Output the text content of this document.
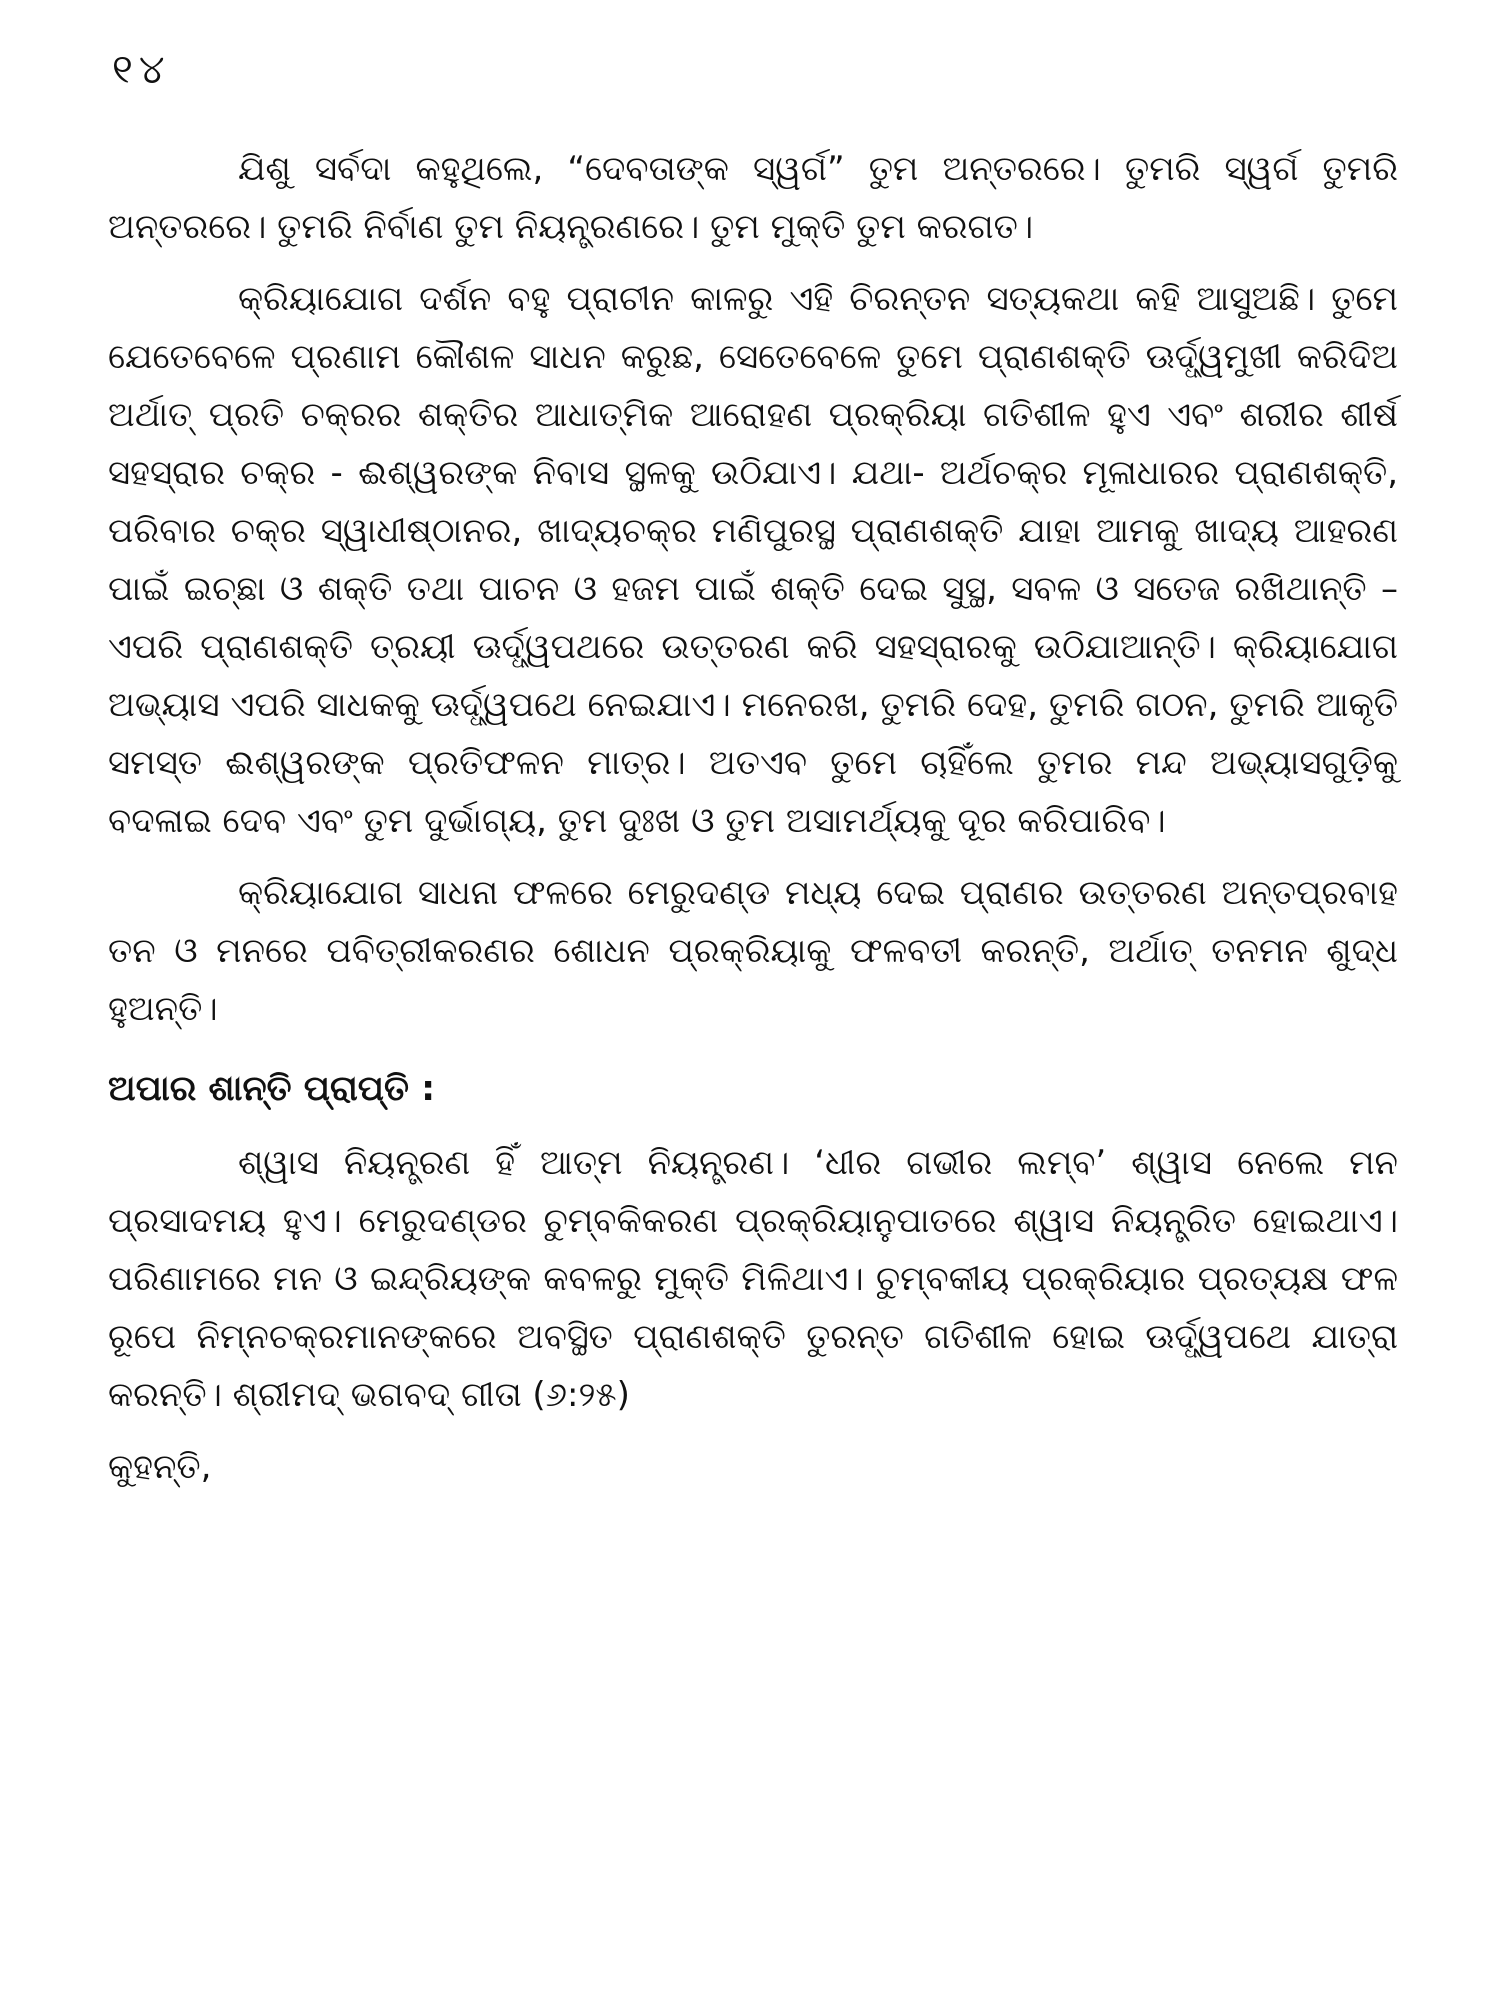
୧୪

ଯିଶୁ ସର୍ବଦା କହୁଥିଲେ, “ଦେବତାଙ୍କ ସ୍ୱର୍ଗ” ତୁମ ଅନ୍ତରରେ। ତୁମରି ସ୍ୱର୍ଗ ତୁମରି ଅନ୍ତରରେ। ତୁମରି ନିର୍ବାଣ ତୁମ ନିୟନ୍ତ୍ରଣରେ। ତୁମ ମୁକ୍ତି ତୁମ କରଗତ।

କ୍ରିୟାଯୋଗ ଦର୍ଶନ ବହୁ ପ୍ରାଚୀନ କାଳରୁ ଏହି ଚିରନ୍ତନ ସତ୍ୟକଥା କହି ଆସୁଅଛି। ତୁମେ ଯେତେବେଳେ ପ୍ରଣାମ କୌଶଳ ସାଧନ କରୁଛ, ସେତେବେଳେ ତୁମେ ପ୍ରାଣଶକ୍ତି ଊର୍ଦ୍ଧ୍ୱମୁଖୀ କରିଦିଅ ଅର୍ଥାତ୍ ପ୍ରତି ଚକ୍ରର ଶକ୍ତିର ଆଧାତ୍ମିକ ଆରୋହଣ ପ୍ରକ୍ରିୟା ଗତିଶୀଳ ହୁଏ ଏବଂ ଶରୀର ଶୀର୍ଷ ସହସ୍ରାର ଚକ୍ର - ଈଶ୍ୱରଙ୍କ ନିବାସ ସ୍ଥଳକୁ ଉଠିଯାଏ। ଯଥା- ଅର୍ଥଚକ୍ର ମୂଳାଧାରର ପ୍ରାଣଶକ୍ତି, ପରିବାର ଚକ୍ର ସ୍ୱାଧୀଷ୍ଠାନର, ଖାଦ୍ୟଚକ୍ର ମଣିପୁରସ୍ଥ ପ୍ରାଣଶକ୍ତି ଯାହା ଆମକୁ ଖାଦ୍ୟ ଆହରଣ ପାଇଁ ଇଚ୍ଛା ଓ ଶକ୍ତି ତଥା ପାଚନ ଓ ହଜମ ପାଇଁ ଶକ୍ତି ଦେଇ ସୁସ୍ଥ, ସବଳ ଓ ସତେଜ ରଖିଥାନ୍ତି – ଏପରି ପ୍ରାଣଶକ୍ତି ତ୍ରୟୀ ଊର୍ଦ୍ଧ୍ୱପଥରେ ଉତ୍ତରଣ କରି ସହସ୍ରାରକୁ ଉଠିଯାଆନ୍ତି। କ୍ରିୟାଯୋଗ ଅଭ୍ୟାସ ଏପରି ସାଧକକୁ ଊର୍ଦ୍ଧ୍ୱପଥେ ନେଇଯାଏ। ମନେରଖ, ତୁମରି ଦେହ, ତୁମରି ଗଠନ, ତୁମରି ଆକୃତି ସମସ୍ତ ଈଶ୍ୱରଙ୍କ ପ୍ରତିଫଳନ ମାତ୍ର। ଅତଏବ ତୁମେ ଚାହିଁଲେ ତୁମର ମନ୍ଦ ଅଭ୍ୟାସଗୁଡ଼ିକୁ ବଦଳାଇ ଦେବ ଏବଂ ତୁମ ଦୁର୍ଭାଗ୍ୟ, ତୁମ ଦୁଃଖ ଓ ତୁମ ଅସାମର୍ଥ୍ୟକୁ ଦୂର କରିପାରିବ।

କ୍ରିୟାଯୋଗ ସାଧନା ଫଳରେ ମେରୁଦଣ୍ଡ ମଧ୍ୟ ଦେଇ ପ୍ରାଣର ଉତ୍ତରଣ ଅନ୍ତପ୍ରବାହ ତନ ଓ ମନରେ ପବିତ୍ରୀକରଣର ଶୋଧନ ପ୍ରକ୍ରିୟାକୁ ଫଳବତୀ କରନ୍ତି, ଅର୍ଥାତ୍ ତନମନ ଶୁଦ୍ଧ ହୁଅନ୍ତି।

ଅପାର ଶାନ୍ତି ପ୍ରାପ୍ତି :

ଶ୍ୱାସ ନିୟନ୍ତ୍ରଣ ହିଁ ଆତ୍ମ ନିୟନ୍ତ୍ରଣ। ‘ଧୀର ଗଭୀର ଲମ୍ବ’ ଶ୍ୱାସ ନେଲେ ମନ ପ୍ରସାଦମୟ ହୁଏ। ମେରୁଦଣ୍ଡର ଚୁମ୍ବକିକରଣ ପ୍ରକ୍ରିୟାନୁପାତରେ ଶ୍ୱାସ ନିୟନ୍ତ୍ରିତ ହୋଇଥାଏ। ପରିଣାମରେ ମନ ଓ ଇନ୍ଦ୍ରିୟଙ୍କ କବଳରୁ ମୁକ୍ତି ମିଳିଥାଏ। ଚୁମ୍ବକୀୟ ପ୍ରକ୍ରିୟାର ପ୍ରତ୍ୟକ୍ଷ ଫଳ ରୂପେ ନିମ୍ନଚକ୍ରମାନଙ୍କରେ ଅବସ୍ଥିତ ପ୍ରାଣଶକ୍ତି ତୁରନ୍ତ ଗତିଶୀଳ ହୋଇ ଊର୍ଦ୍ଧ୍ୱପଥେ ଯାତ୍ରା କରନ୍ତି। ଶ୍ରୀମଦ୍ ଭଗବଦ୍ ଗୀତା (୬:୨୫)

କୁହନ୍ତି,
